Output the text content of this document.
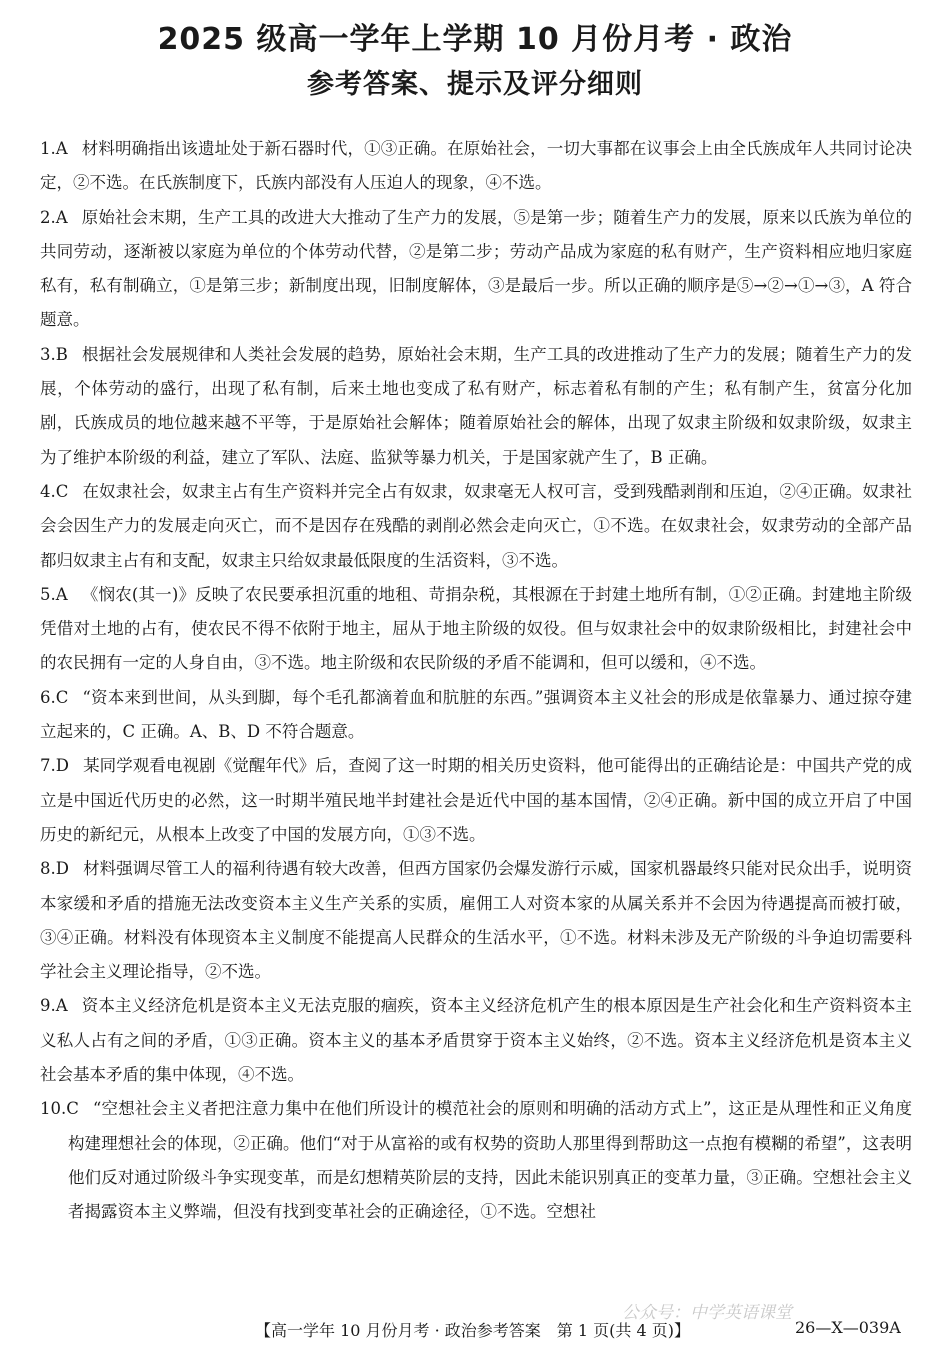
2025 级高一学年上学期 10 月份月考 · 政治
参考答案、提示及评分细则

1.A 材料明确指出该遗址处于新石器时代，①③正确。在原始社会，一切大事都在议事会上由全氏族成年人共同讨论决定，②不选。在氏族制度下，氏族内部没有人压迫人的现象，④不选。

2.A 原始社会末期，生产工具的改进大大推动了生产力的发展，⑤是第一步；随着生产力的发展，原来以氏族为单位的共同劳动，逐渐被以家庭为单位的个体劳动代替，②是第二步；劳动产品成为家庭的私有财产，生产资料相应地归家庭私有，私有制确立，①是第三步；新制度出现，旧制度解体，③是最后一步。所以正确的顺序是⑤→②→①→③，A 符合题意。

3.B 根据社会发展规律和人类社会发展的趋势，原始社会末期，生产工具的改进推动了生产力的发展；随着生产力的发展，个体劳动的盛行，出现了私有制，后来土地也变成了私有财产，标志着私有制的产生；私有制产生，贫富分化加剧，氏族成员的地位越来越不平等，于是原始社会解体；随着原始社会的解体，出现了奴隶主阶级和奴隶阶级，奴隶主为了维护本阶级的利益，建立了军队、法庭、监狱等暴力机关，于是国家就产生了，B 正确。

4.C 在奴隶社会，奴隶主占有生产资料并完全占有奴隶，奴隶毫无人权可言，受到残酷剥削和压迫，②④正确。奴隶社会会因生产力的发展走向灭亡，而不是因存在残酷的剥削必然会走向灭亡，①不选。在奴隶社会，奴隶劳动的全部产品都归奴隶主占有和支配，奴隶主只给奴隶最低限度的生活资料，③不选。

5.A 《悯农(其一)》反映了农民要承担沉重的地租、苛捐杂税，其根源在于封建土地所有制，①②正确。封建地主阶级凭借对土地的占有，使农民不得不依附于地主，屈从于地主阶级的奴役。但与奴隶社会中的奴隶阶级相比，封建社会中的农民拥有一定的人身自由，③不选。地主阶级和农民阶级的矛盾不能调和，但可以缓和，④不选。

6.C “资本来到世间，从头到脚，每个毛孔都滴着血和肮脏的东西。”强调资本主义社会的形成是依靠暴力、通过掠夺建立起来的，C 正确。A、B、D 不符合题意。

7.D 某同学观看电视剧《觉醒年代》后，查阅了这一时期的相关历史资料，他可能得出的正确结论是：中国共产党的成立是中国近代历史的必然，这一时期半殖民地半封建社会是近代中国的基本国情，②④正确。新中国的成立开启了中国历史的新纪元，从根本上改变了中国的发展方向，①③不选。

8.D 材料强调尽管工人的福利待遇有较大改善，但西方国家仍会爆发游行示威，国家机器最终只能对民众出手，说明资本家缓和矛盾的措施无法改变资本主义生产关系的实质，雇佣工人对资本家的从属关系并不会因为待遇提高而被打破，③④正确。材料没有体现资本主义制度不能提高人民群众的生活水平，①不选。材料未涉及无产阶级的斗争迫切需要科学社会主义理论指导，②不选。

9.A 资本主义经济危机是资本主义无法克服的痼疾，资本主义经济危机产生的根本原因是生产社会化和生产资料资本主义私人占有之间的矛盾，①③正确。资本主义的基本矛盾贯穿于资本主义始终，②不选。资本主义经济危机是资本主义社会基本矛盾的集中体现，④不选。

10.C “空想社会主义者把注意力集中在他们所设计的模范社会的原则和明确的活动方式上”，这正是从理性和正义角度构建理想社会的体现，②正确。他们“对于从富裕的或有权势的资助人那里得到帮助这一点抱有模糊的希望”，这表明他们反对通过阶级斗争实现变革，而是幻想精英阶层的支持，因此未能识别真正的变革力量，③正确。空想社会主义者揭露资本主义弊端，但没有找到变革社会的正确途径，①不选。空想社

公众号：中学英语课堂
【高一学年 10 月份月考 · 政治参考答案　第 1 页(共 4 页)】	26—X—039A
